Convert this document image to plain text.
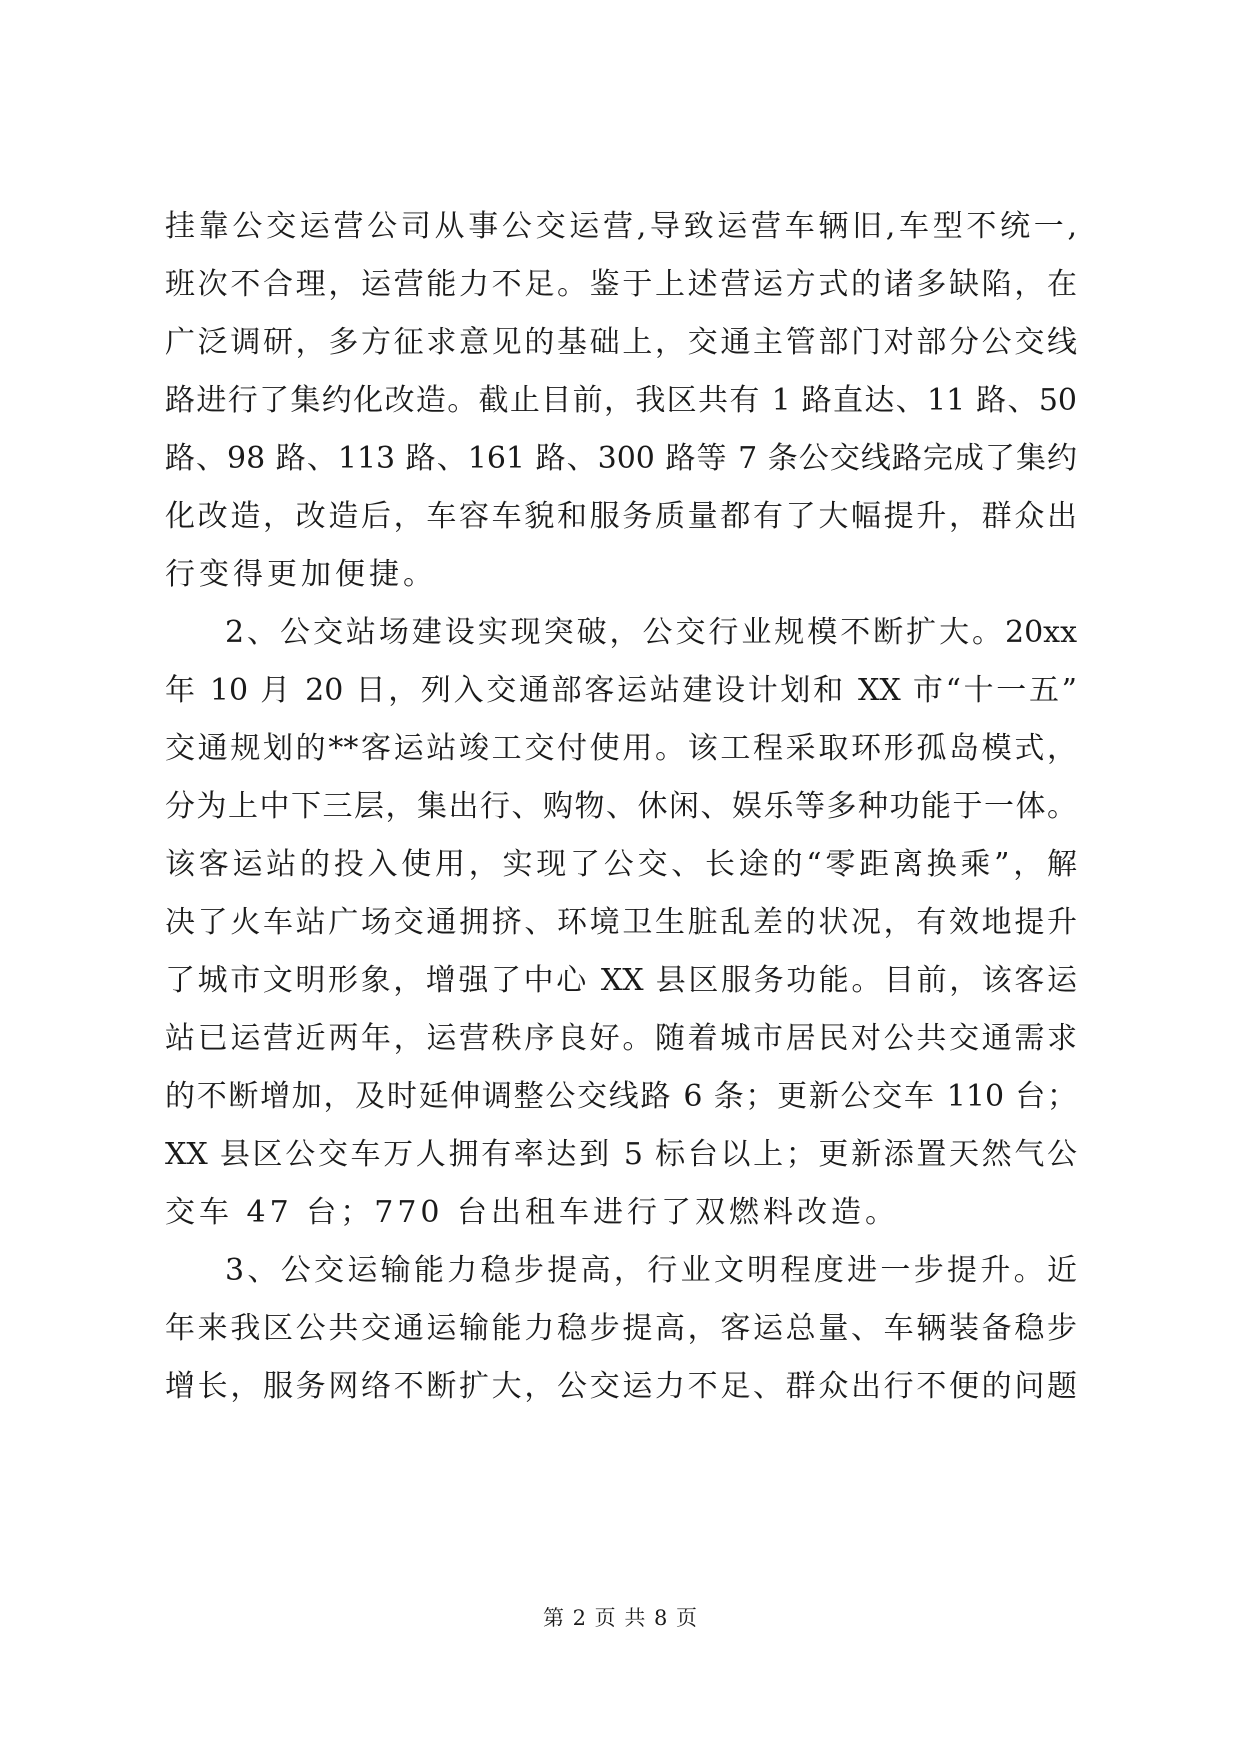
挂靠公交运营公司从事公交运营,导致运营车辆旧,车型不统一,
班次不合理，运营能力不足。鉴于上述营运方式的诸多缺陷，在
广泛调研，多方征求意见的基础上，交通主管部门对部分公交线
路进行了集约化改造。截止目前，我区共有 1 路直达、11 路、50
路、98 路、113 路、161 路、300 路等 7 条公交线路完成了集约
化改造，改造后，车容车貌和服务质量都有了大幅提升，群众出
行变得更加便捷。
2、公交站场建设实现突破，公交行业规模不断扩大。20xx
年 10 月 20 日，列入交通部客运站建设计划和 XX 市“十一五”
交通规划的**客运站竣工交付使用。该工程采取环形孤岛模式，
分为上中下三层，集出行、购物、休闲、娱乐等多种功能于一体。
该客运站的投入使用，实现了公交、长途的“零距离换乘”，解
决了火车站广场交通拥挤、环境卫生脏乱差的状况，有效地提升
了城市文明形象，增强了中心 XX 县区服务功能。目前，该客运
站已运营近两年，运营秩序良好。随着城市居民对公共交通需求
的不断增加，及时延伸调整公交线路 6 条；更新公交车 110 台；
XX 县区公交车万人拥有率达到 5 标台以上；更新添置天然气公
交车 47 台；770 台出租车进行了双燃料改造。
3、公交运输能力稳步提高，行业文明程度进一步提升。近
年来我区公共交通运输能力稳步提高，客运总量、车辆装备稳步
增长，服务网络不断扩大，公交运力不足、群众出行不便的问题
第 2 页 共 8 页
